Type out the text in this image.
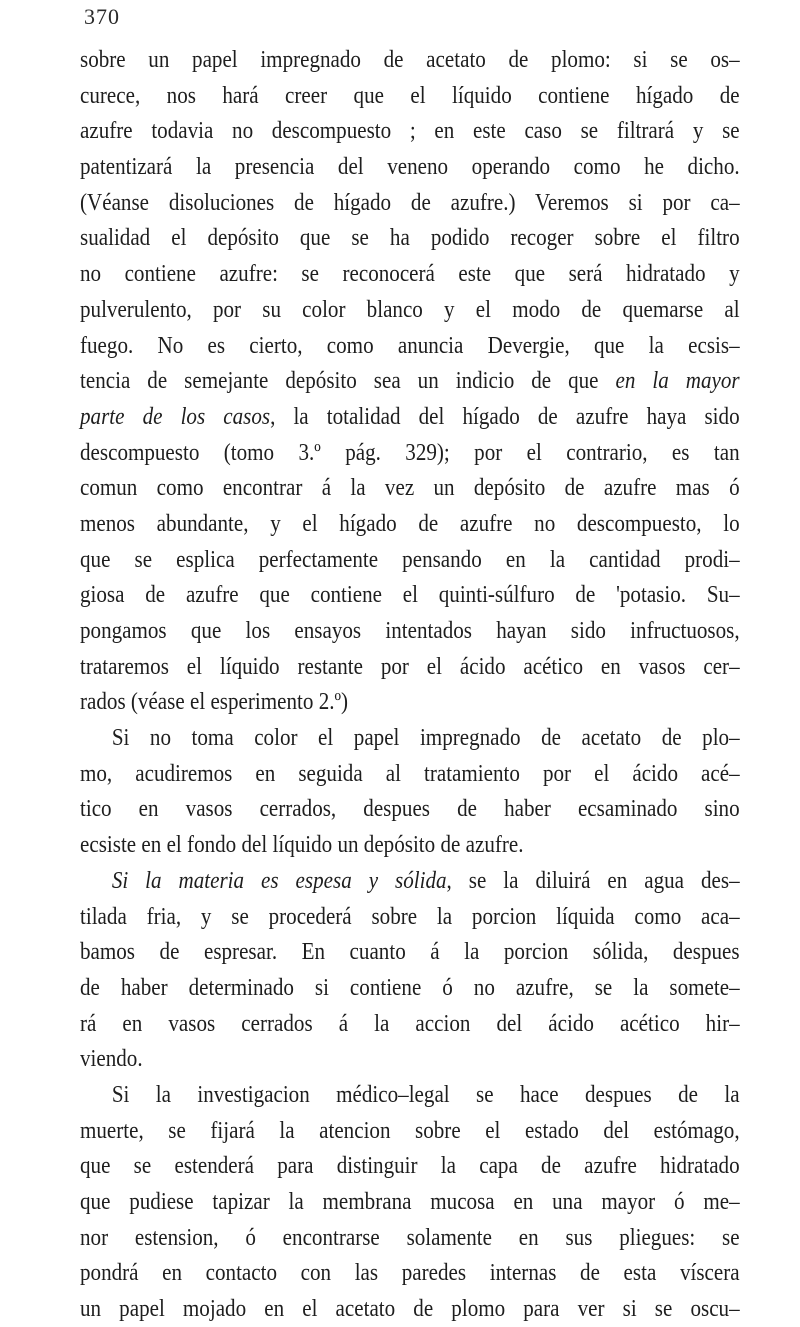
370
sobre un papel impregnado de acetato de plomo: si se os–
curece, nos hará creer que el líquido contiene hígado de
azufre todavia no descompuesto ; en este caso se filtrará y se
patentizará la presencia del veneno operando como he dicho.
(Véanse disoluciones de hígado de azufre.) Veremos si por ca–
sualidad el depósito que se ha podido recoger sobre el filtro
no contiene azufre: se reconocerá este que será hidratado y
pulverulento, por su color blanco y el modo de quemarse al
fuego. No es cierto, como anuncia Devergie, que la ecsis–
tencia de semejante depósito sea un indicio de que en la mayor
parte de los casos, la totalidad del hígado de azufre haya sido
descompuesto (tomo 3.º pág. 329); por el contrario, es tan
comun como encontrar á la vez un depósito de azufre mas ó
menos abundante, y el hígado de azufre no descompuesto, lo
que se esplica perfectamente pensando en la cantidad prodi–
giosa de azufre que contiene el quinti-súlfuro de 'potasio. Su–
pongamos que los ensayos intentados hayan sido infructuosos,
trataremos el líquido restante por el ácido acético en vasos cer–
rados (véase el esperimento 2.º)
Si no toma color el papel impregnado de acetato de plo–
mo, acudiremos en seguida al tratamiento por el ácido acé–
tico en vasos cerrados, despues de haber ecsaminado sino
ecsiste en el fondo del líquido un depósito de azufre.
Si la materia es espesa y sólida, se la diluirá en agua des–
tilada fria, y se procederá sobre la porcion líquida como aca–
bamos de espresar. En cuanto á la porcion sólida, despues
de haber determinado si contiene ó no azufre, se la somete–
rá en vasos cerrados á la accion del ácido acético hir–
viendo.
Si la investigacion médico–legal se hace despues de la
muerte, se fijará la atencion sobre el estado del estómago,
que se estenderá para distinguir la capa de azufre hidratado
que pudiese tapizar la membrana mucosa en una mayor ó me–
nor estension, ó encontrarse solamente en sus pliegues: se
pondrá en contacto con las paredes internas de esta víscera
un papel mojado en el acetato de plomo para ver si se oscu–
